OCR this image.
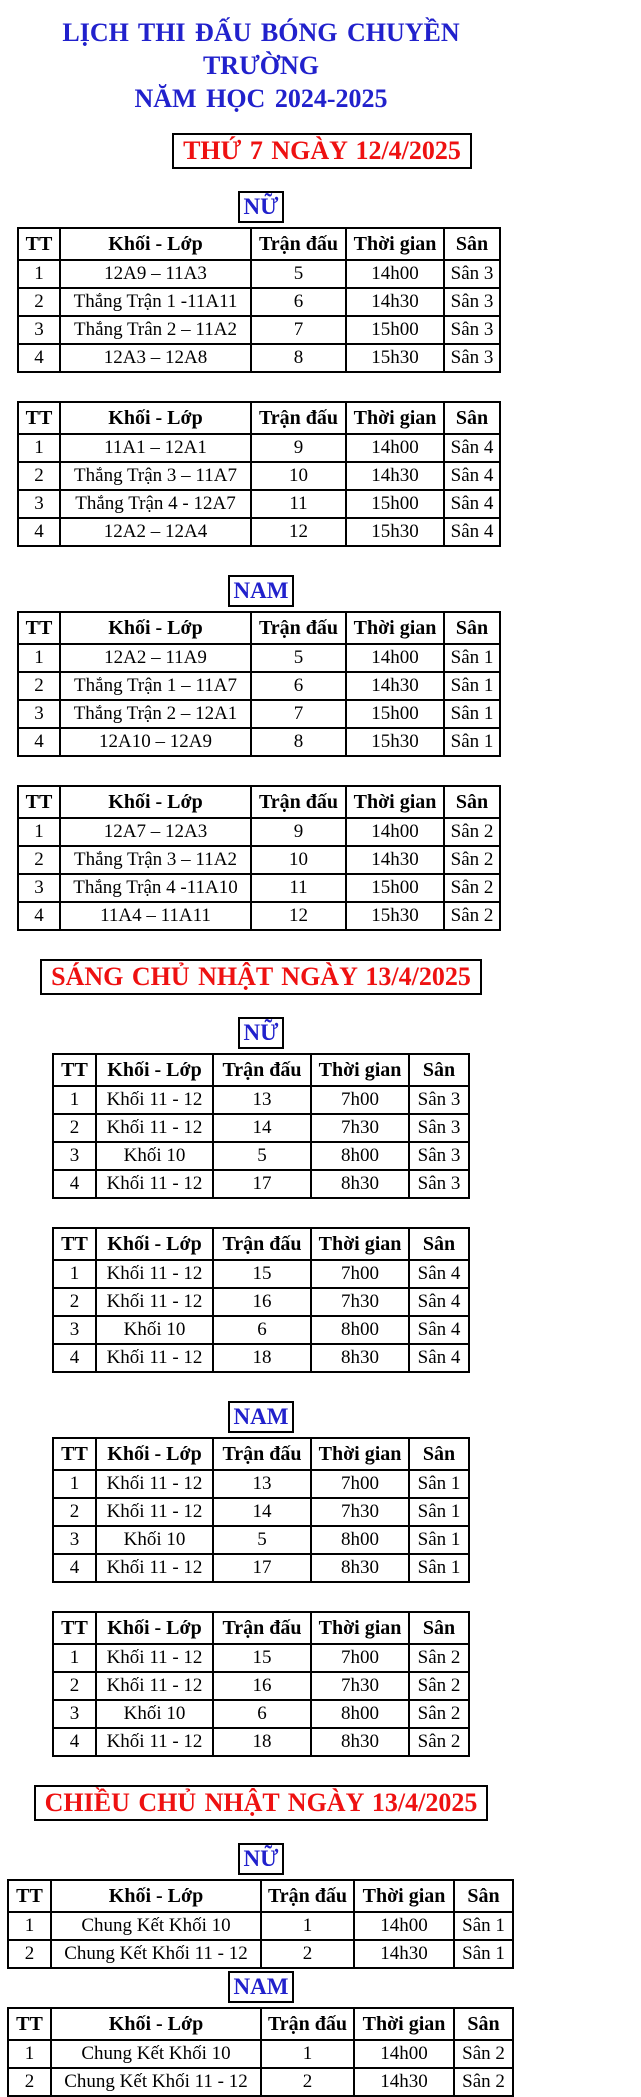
LỊCH THI ĐẤU BÓNG CHUYỀN TRƯỜNG
NĂM HỌC 2024-2025
THỨ 7 NGÀY 12/4/2025
NỮ
TT	Khối - Lớp	Trận đấu	Thời gian	Sân
1	12A9 – 11A3	5	14h00	Sân 3
2	Thắng Trận 1 -11A11	6	14h30	Sân 3
3	Thắng Trân 2 – 11A2	7	15h00	Sân 3
4	12A3 – 12A8	8	15h30	Sân 3
TT	Khối - Lớp	Trận đấu	Thời gian	Sân
1	11A1 – 12A1	9	14h00	Sân 4
2	Thắng Trận 3 – 11A7	10	14h30	Sân 4
3	Thắng Trận 4 - 12A7	11	15h00	Sân 4
4	12A2 – 12A4	12	15h30	Sân 4
NAM
TT	Khối - Lớp	Trận đấu	Thời gian	Sân
1	12A2 – 11A9	5	14h00	Sân 1
2	Thắng Trận 1 – 11A7	6	14h30	Sân 1
3	Thắng Trận 2 – 12A1	7	15h00	Sân 1
4	12A10 – 12A9	8	15h30	Sân 1
TT	Khối - Lớp	Trận đấu	Thời gian	Sân
1	12A7 – 12A3	9	14h00	Sân 2
2	Thắng Trận 3 – 11A2	10	14h30	Sân 2
3	Thắng Trận 4 -11A10	11	15h00	Sân 2
4	11A4 – 11A11	12	15h30	Sân 2
SÁNG CHỦ NHẬT NGÀY 13/4/2025
NỮ
TT	Khối - Lớp	Trận đấu	Thời gian	Sân
1	Khối 11 - 12	13	7h00	Sân 3
2	Khối 11 - 12	14	7h30	Sân 3
3	Khối 10	5	8h00	Sân 3
4	Khối 11 - 12	17	8h30	Sân 3
TT	Khối - Lớp	Trận đấu	Thời gian	Sân
1	Khối 11 - 12	15	7h00	Sân 4
2	Khối 11 - 12	16	7h30	Sân 4
3	Khối 10	6	8h00	Sân 4
4	Khối 11 - 12	18	8h30	Sân 4
NAM
TT	Khối - Lớp	Trận đấu	Thời gian	Sân
1	Khối 11 - 12	13	7h00	Sân 1
2	Khối 11 - 12	14	7h30	Sân 1
3	Khối 10	5	8h00	Sân 1
4	Khối 11 - 12	17	8h30	Sân 1
TT	Khối - Lớp	Trận đấu	Thời gian	Sân
1	Khối 11 - 12	15	7h00	Sân 2
2	Khối 11 - 12	16	7h30	Sân 2
3	Khối 10	6	8h00	Sân 2
4	Khối 11 - 12	18	8h30	Sân 2
CHIỀU CHỦ NHẬT NGÀY 13/4/2025
NỮ
TT	Khối - Lớp	Trận đấu	Thời gian	Sân
1	Chung Kết Khối 10	1	14h00	Sân 1
2	Chung Kết Khối 11 - 12	2	14h30	Sân 1
NAM
TT	Khối - Lớp	Trận đấu	Thời gian	Sân
1	Chung Kết Khối 10	1	14h00	Sân 2
2	Chung Kết Khối 11 - 12	2	14h30	Sân 2
